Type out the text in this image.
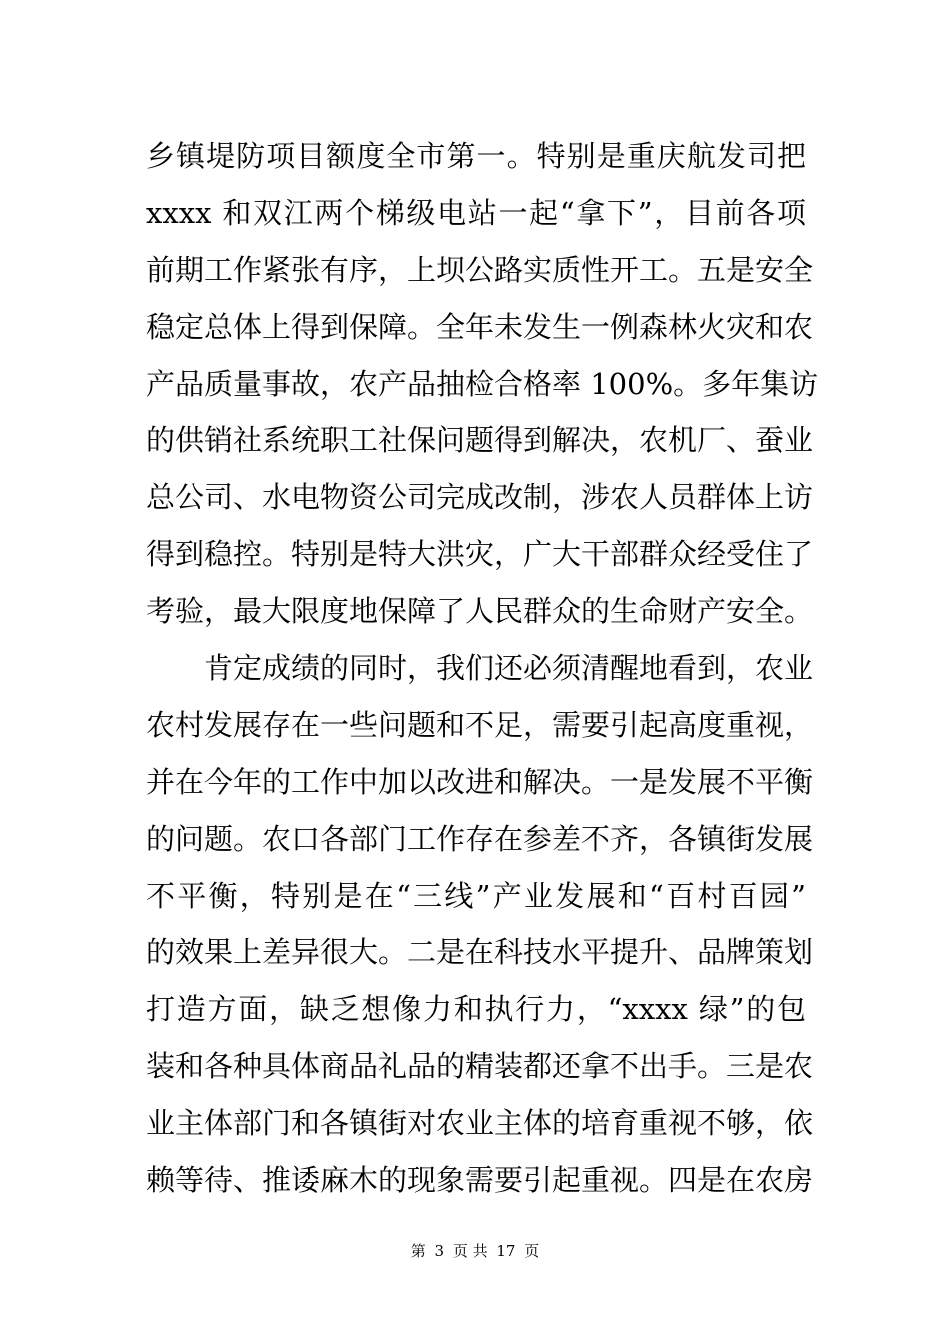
乡镇堤防项目额度全市第一。特别是重庆航发司把
xxxx 和双江两个梯级电站一起“拿下”，目前各项
前期工作紧张有序，上坝公路实质性开工。五是安全
稳定总体上得到保障。全年未发生一例森林火灾和农
产品质量事故，农产品抽检合格率 100%。多年集访
的供销社系统职工社保问题得到解决，农机厂、蚕业
总公司、水电物资公司完成改制，涉农人员群体上访
得到稳控。特别是特大洪灾，广大干部群众经受住了
考验，最大限度地保障了人民群众的生命财产安全。
肯定成绩的同时，我们还必须清醒地看到，农业
农村发展存在一些问题和不足，需要引起高度重视，
并在今年的工作中加以改进和解决。一是发展不平衡
的问题。农口各部门工作存在参差不齐，各镇街发展
不平衡，特别是在“三线”产业发展和“百村百园”
的效果上差异很大。二是在科技水平提升、品牌策划
打造方面，缺乏想像力和执行力，“xxxx 绿”的包
装和各种具体商品礼品的精装都还拿不出手。三是农
业主体部门和各镇街对农业主体的培育重视不够，依
赖等待、推诿麻木的现象需要引起重视。四是在农房
第 3 页 共 17 页
